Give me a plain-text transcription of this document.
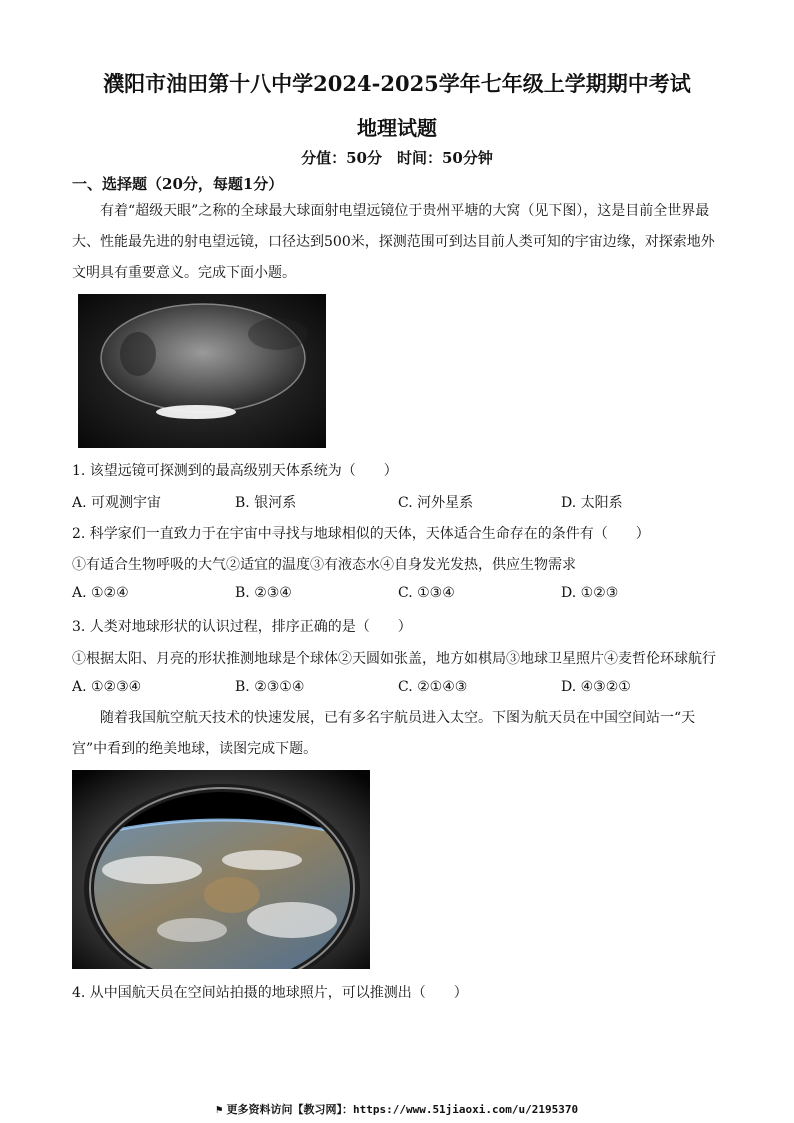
濮阳市油田第十八中学2024-2025学年七年级上学期期中考试
地理试题
分值：50分　时间：50分钟
一、选择题（20分，每题1分）
有着“超级天眼”之称的全球最大球面射电望远镜位于贵州平塘的大窝（见下图），这是目前全世界最大、性能最先进的射电望远镜，口径达到500米，探测范围可到达目前人类可知的宇宙边缘，对探索地外文明具有重要意义。完成下面小题。
1. 该望远镜可探测到的最高级别天体系统为（　　）
A. 可观测宇宙	B. 银河系	C. 河外星系	D. 太阳系
2. 科学家们一直致力于在宇宙中寻找与地球相似的天体，天体适合生命存在的条件有（　　）
①有适合生物呼吸的大气②适宜的温度③有液态水④自身发光发热，供应生物需求
A. ①②④	B. ②③④	C. ①③④	D. ①②③
3. 人类对地球形状的认识过程，排序正确的是（　　）
①根据太阳、月亮的形状推测地球是个球体②天圆如张盖，地方如棋局③地球卫星照片④麦哲伦环球航行
A. ①②③④	B. ②③①④	C. ②①④③	D. ④③②①
随着我国航空航天技术的快速发展，已有多名宇航员进入太空。下图为航天员在中国空间站一“天宫”中看到的绝美地球，读图完成下题。
4. 从中国航天员在空间站拍摄的地球照片，可以推测出（　　）
⚑ 更多资料访问【教习网】：https://www.51jiaoxi.com/u/2195370
